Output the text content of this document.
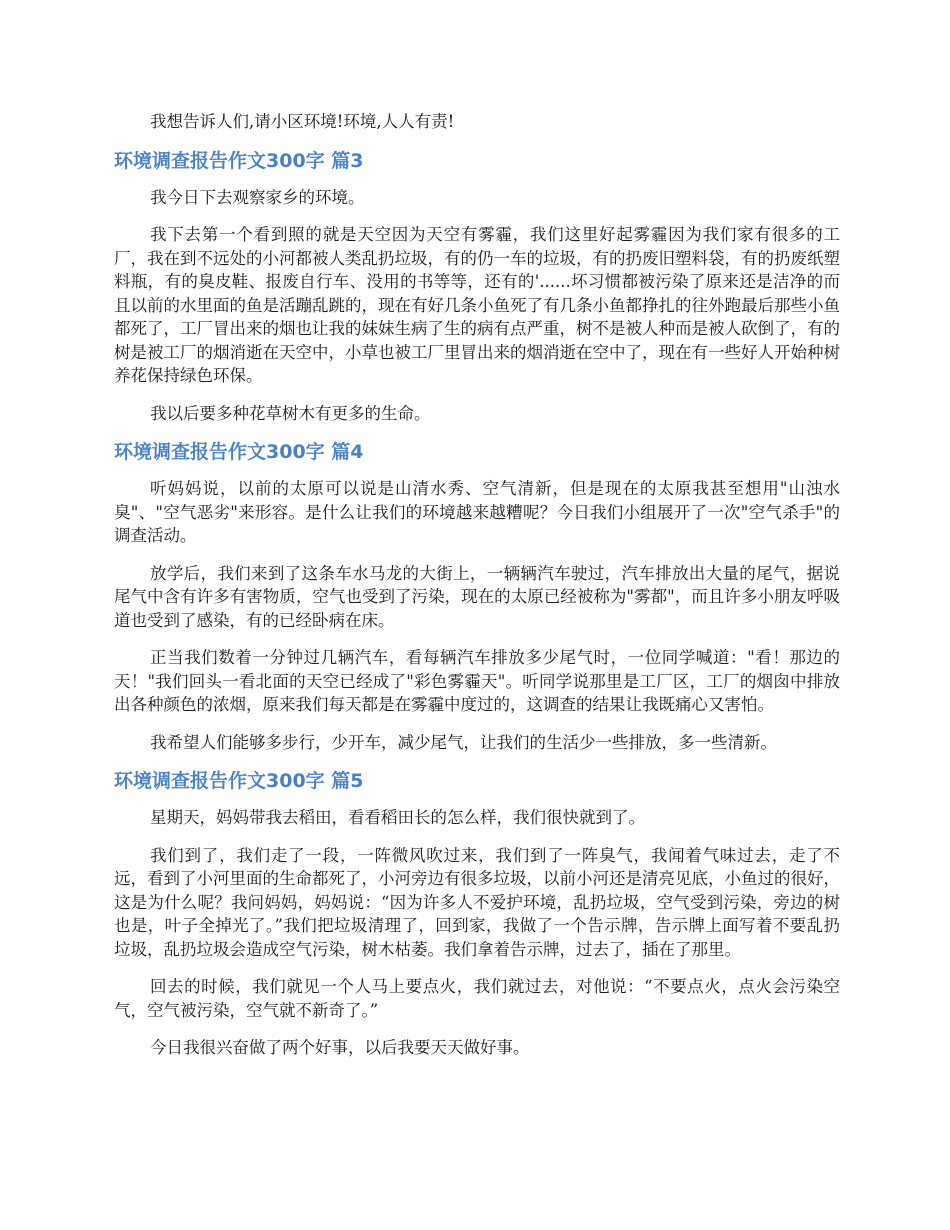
我想告诉人们,请小区环境!环境,人人有责!

环境调查报告作文300字 篇3

我今日下去观察家乡的环境。

我下去第一个看到照的就是天空因为天空有雾霾，我们这里好起雾霾因为我们家有很多的工厂，我在到不远处的小河都被人类乱扔垃圾，有的仍一车的垃圾，有的扔废旧塑料袋，有的扔废纸塑料瓶，有的臭皮鞋、报废自行车、没用的书等等，还有的'......坏习惯都被污染了原来还是洁净的而且以前的水里面的鱼是活蹦乱跳的，现在有好几条小鱼死了有几条小鱼都挣扎的往外跑最后那些小鱼都死了，工厂冒出来的烟也让我的妹妹生病了生的病有点严重，树不是被人种而是被人砍倒了，有的树是被工厂的烟消逝在天空中，小草也被工厂里冒出来的烟消逝在空中了，现在有一些好人开始种树养花保持绿色环保。

我以后要多种花草树木有更多的生命。

环境调查报告作文300字 篇4

听妈妈说，以前的太原可以说是山清水秀、空气清新，但是现在的太原我甚至想用"山浊水臭"、"空气恶劣"来形容。是什么让我们的环境越来越糟呢？今日我们小组展开了一次"空气杀手"的调查活动。

放学后，我们来到了这条车水马龙的大街上，一辆辆汽车驶过，汽车排放出大量的尾气，据说尾气中含有许多有害物质，空气也受到了污染，现在的太原已经被称为"雾都"，而且许多小朋友呼吸道也受到了感染，有的已经卧病在床。

正当我们数着一分钟过几辆汽车，看每辆汽车排放多少尾气时，一位同学喊道："看！那边的天！"我们回头一看北面的天空已经成了"彩色雾霾天"。听同学说那里是工厂区，工厂的烟囱中排放出各种颜色的浓烟，原来我们每天都是在雾霾中度过的，这调查的结果让我既痛心又害怕。

我希望人们能够多步行，少开车，减少尾气，让我们的生活少一些排放，多一些清新。

环境调查报告作文300字 篇5

星期天，妈妈带我去稻田，看看稻田长的怎么样，我们很快就到了。

我们到了，我们走了一段，一阵微风吹过来，我们到了一阵臭气，我闻着气味过去，走了不远，看到了小河里面的生命都死了，小河旁边有很多垃圾，以前小河还是清亮见底，小鱼过的很好，这是为什么呢？我问妈妈，妈妈说：“因为许多人不爱护环境，乱扔垃圾，空气受到污染，旁边的树也是，叶子全掉光了。”我们把垃圾清理了，回到家，我做了一个告示牌，告示牌上面写着不要乱扔垃圾，乱扔垃圾会造成空气污染，树木枯萎。我们拿着告示牌，过去了，插在了那里。

回去的时候，我们就见一个人马上要点火，我们就过去，对他说：“不要点火，点火会污染空气，空气被污染，空气就不新奇了。”

今日我很兴奋做了两个好事，以后我要天天做好事。
